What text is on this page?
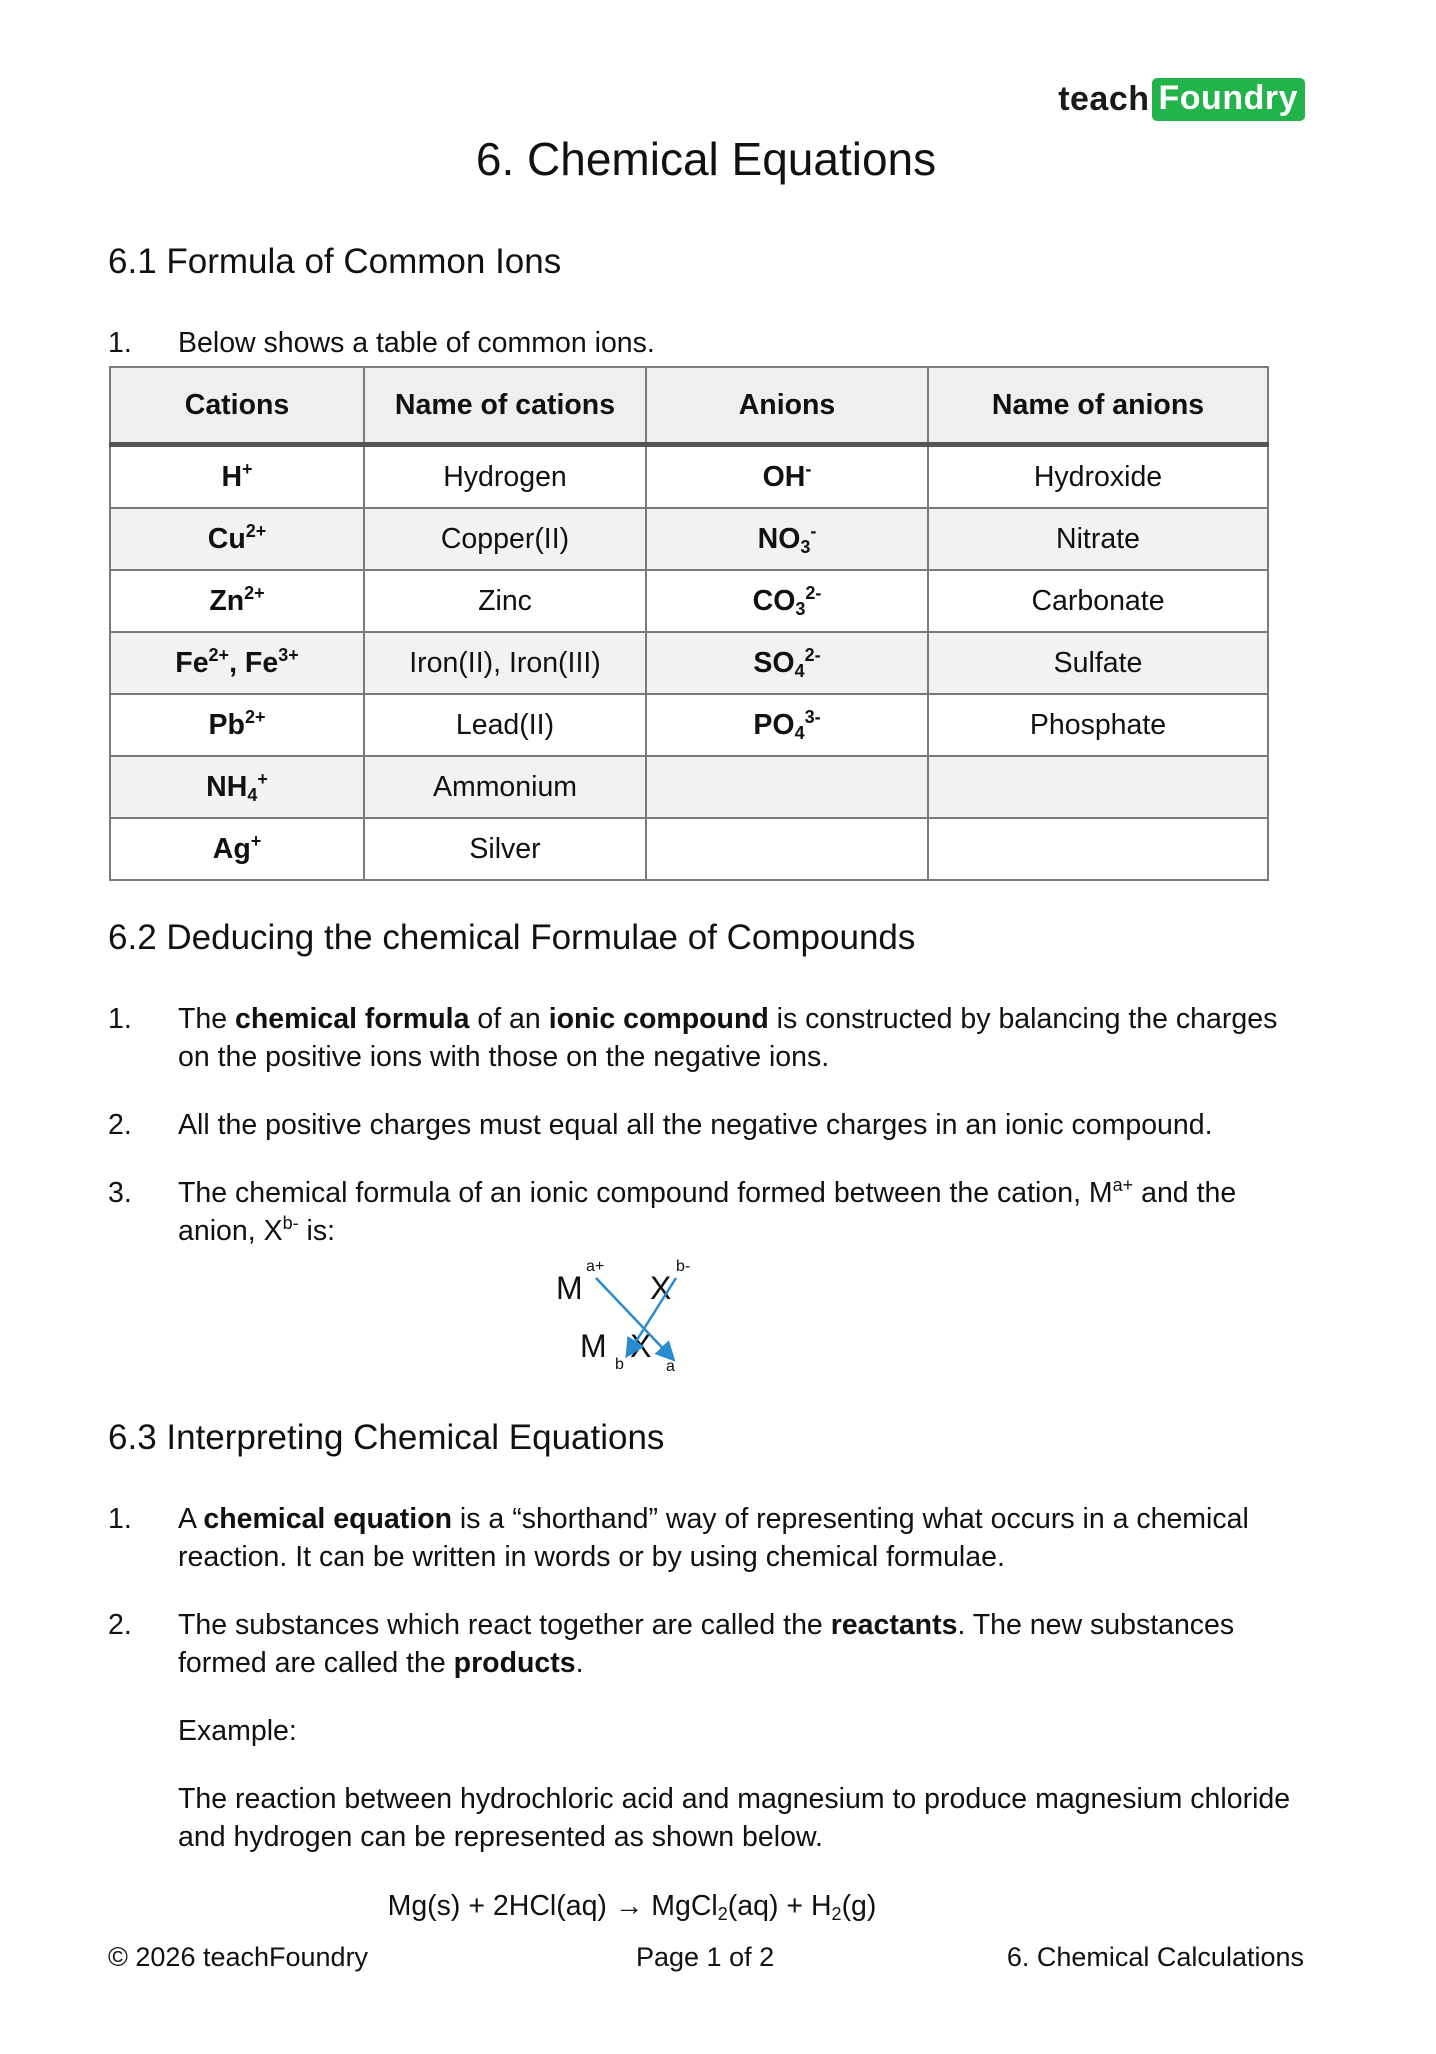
teach Foundry
6. Chemical Equations
6.1 Formula of Common Ions
1. Below shows a table of common ions.
Cations	Name of cations	Anions	Name of anions
H+	Hydrogen	OH-	Hydroxide
$Cu^{2+}$	Copper(II)	$NO_3^-$	Nitrate
$Zn^{2+}$	Zinc	$CO_3^{2-}$	Carbonate
$Fe^{2+}$, $Fe^{3+}$	Iron(II), Iron(III)	$SO_4^{2-}$	Sulfate
$Pb^{2+}$	Lead(II)	$PO_4^{3-}$	Phosphate
$NH_4^+$	Ammonium		
Ag+	Silver		
6.2 Deducing the chemical Formulae of Compounds
1. The chemical formula of an ionic compound is constructed by balancing the charges on the positive ions with those on the negative ions.
2. All the positive charges must equal all the negative charges in an ionic compound.
3. The chemical formula of an ionic compound formed between the cation, $M^{a+}$ and the anion, $X^{b-}$ is:
M
a+
X
b-
M
b
X
a
6.3 Interpreting Chemical Equations
1. A chemical equation is a “shorthand” way of representing what occurs in a chemical reaction. It can be written in words or by using chemical formulae.
2. The substances which react together are called the reactants. The new substances formed are called the products.
Example:
The reaction between hydrochloric acid and magnesium to produce magnesium chloride and hydrogen can be represented as shown below.
Mg(s) + 2HCl(aq) → MgCl$_2$(aq) + $H_2(g)$
© 2026 teachFoundry	Page 1 of 2	6. Chemical Calculations
